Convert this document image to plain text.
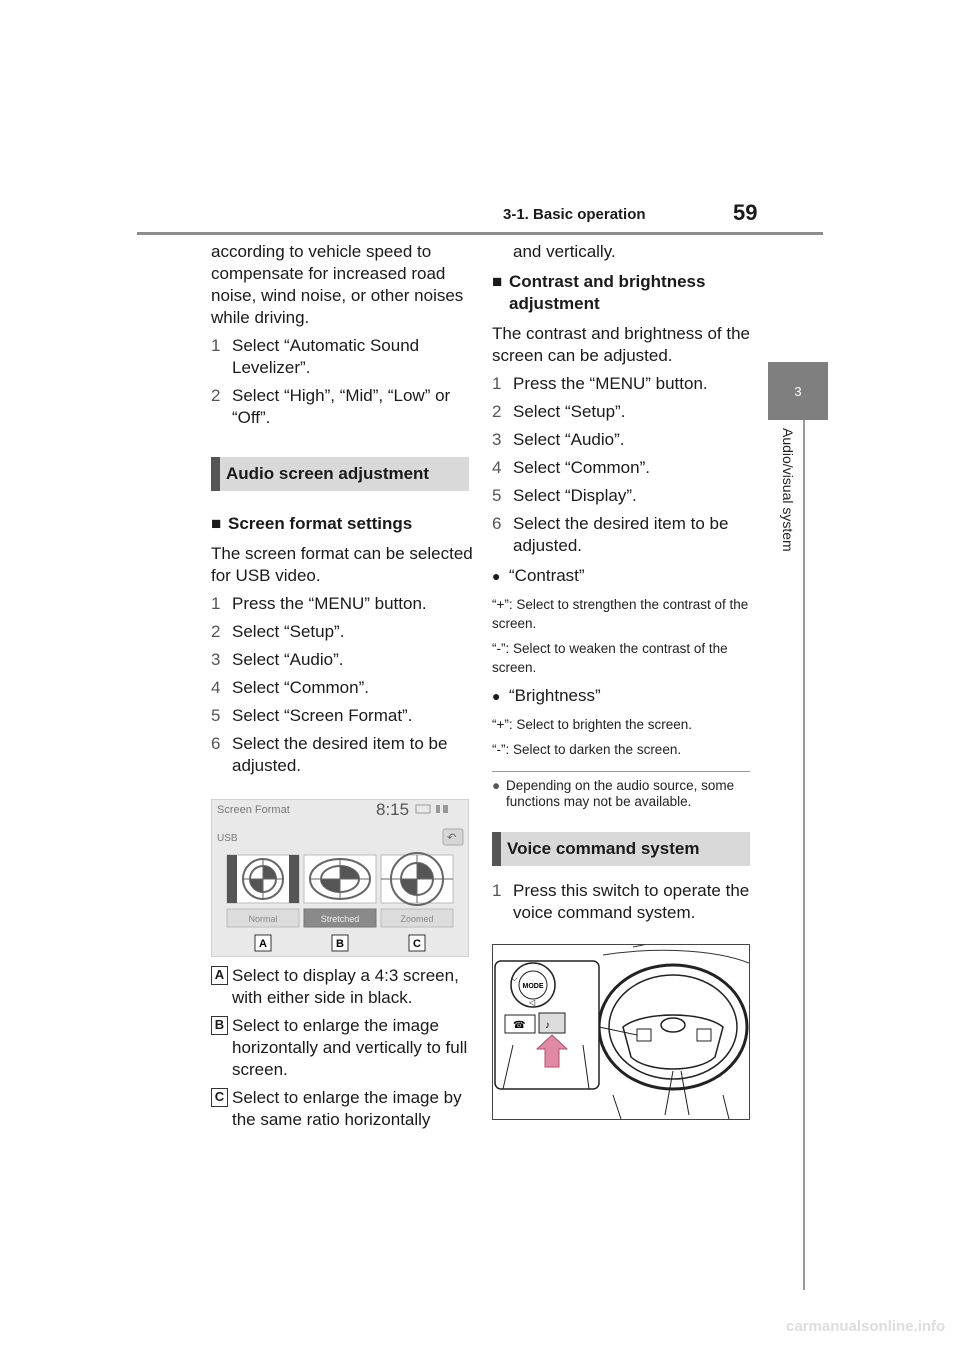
3-1. Basic operation	59
3
Audio/visual system

according to vehicle speed to compensate for increased road noise, wind noise, or other noises while driving.

1 Select “Automatic Sound Levelizer”.
2 Select “High”, “Mid”, “Low” or “Off”.
Audio screen adjustment
■ Screen format settings

The screen format can be selected for USB video.

1 Press the “MENU” button.
2 Select “Setup”.
3 Select “Audio”.
4 Select “Common”.
5 Select “Screen Format”.
6 Select the desired item to be adjusted.
Screen Format	8:15
USB	↶
Normal	Stretched	Zoomed
A	B	C
A Select to display a 4:3 screen, with either side in black.
B Select to enlarge the image horizontally and vertically to full screen.
C Select to enlarge the image by the same ratio horizontally

and vertically.

■ Contrast and brightness adjustment

The contrast and brightness of the screen can be adjusted.

1 Press the “MENU” button.
2 Select “Setup”.
3 Select “Audio”.
4 Select “Common”.
5 Select “Display”.
6 Select the desired item to be adjusted.
● “Contrast”

“+”: Select to strengthen the contrast of the screen.

“-”: Select to weaken the contrast of the screen.

● “Brightness”

“+”: Select to brighten the screen.

“-”: Select to darken the screen.

● Depending on the audio source, some functions may not be available.
Voice command system
1 Press this switch to operate the voice command system.
MODE
⌵
◁
☎ ♪
carmanualsonline.info
